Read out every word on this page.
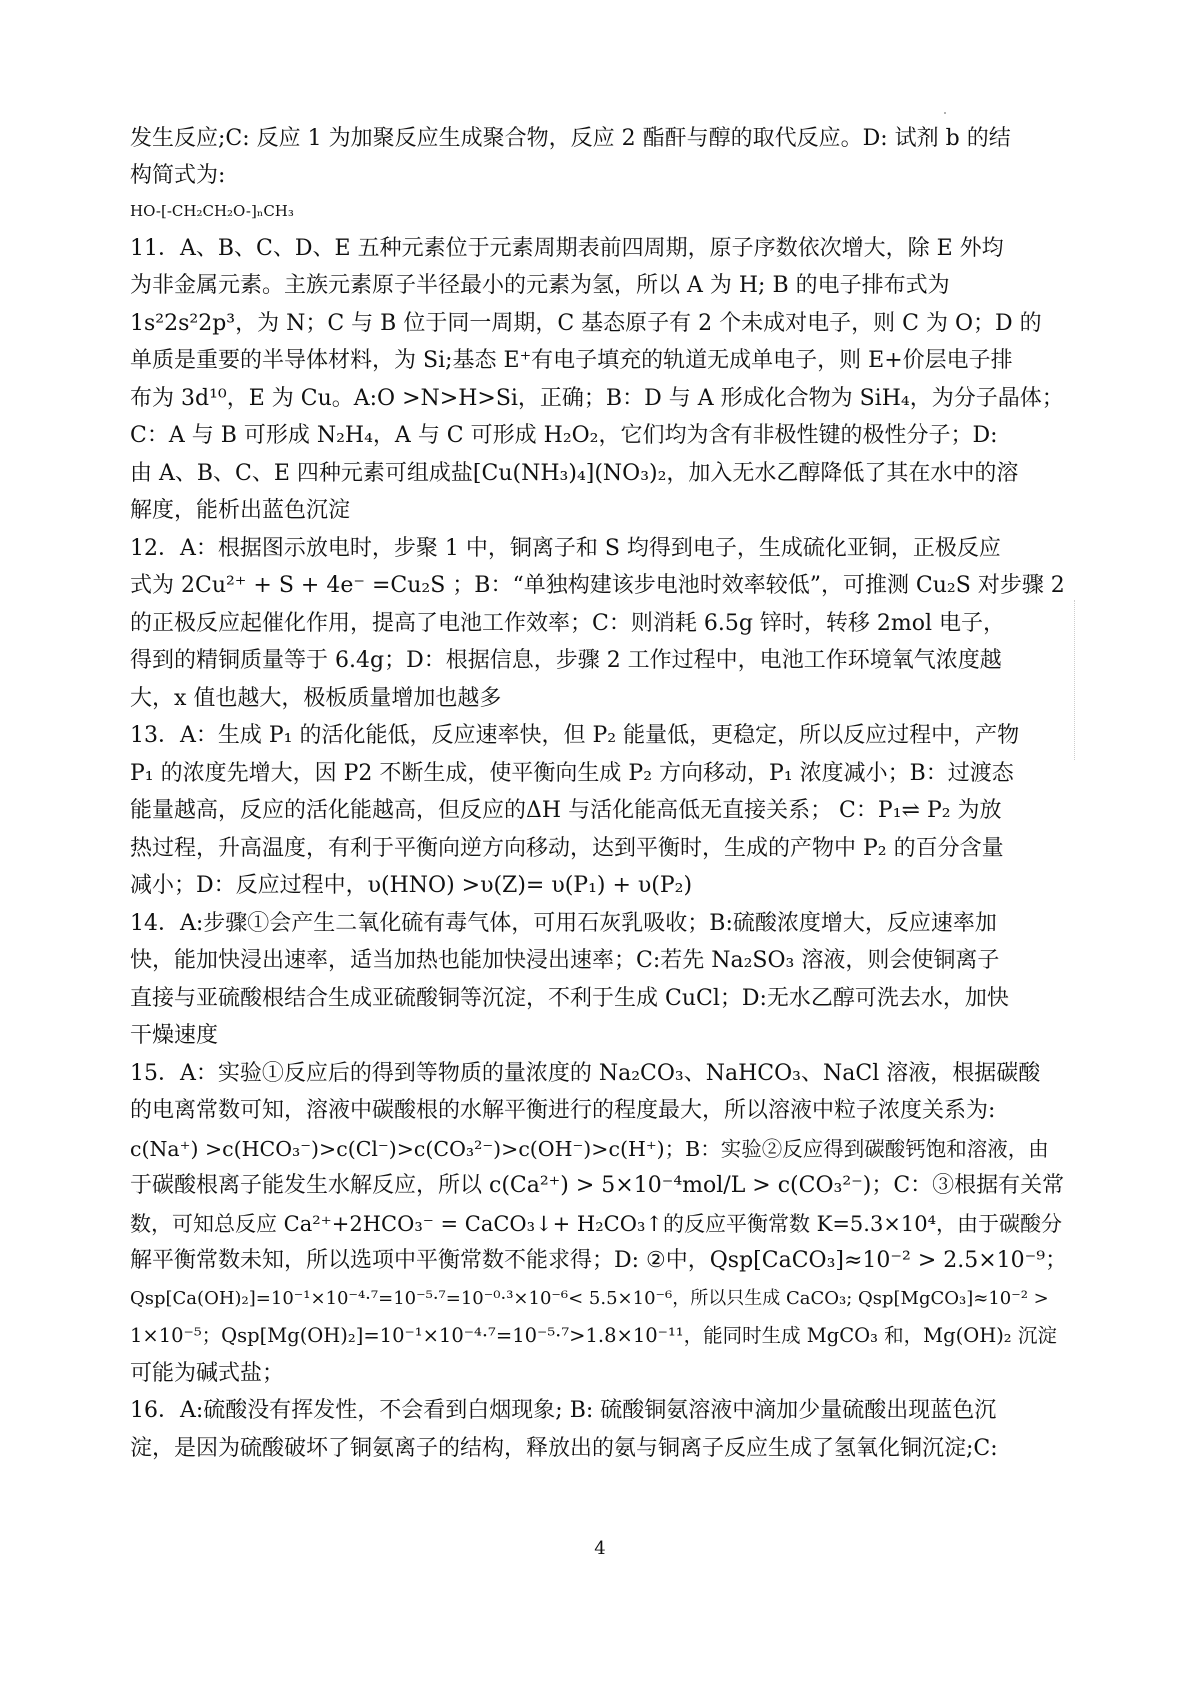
发生反应;C: 反应 1 为加聚反应生成聚合物，反应 2 酯酐与醇的取代反应。D: 试剂 b 的结
构简式为:
HO-[-CH₂CH₂O-]ₙCH₃
11．A、B、C、D、E 五种元素位于元素周期表前四周期，原子序数依次增大，除 E 外均
为非金属元素。主族元素原子半径最小的元素为氢，所以 A 为 H; B 的电子排布式为
1s²2s²2p³，为 N；C 与 B 位于同一周期，C 基态原子有 2 个未成对电子，则 C 为 O；D 的
单质是重要的半导体材料，为 Si;基态 E⁺有电子填充的轨道无成单电子，则 E+价层电子排
布为 3d¹⁰，E 为 Cu。A:O >N>H>Si，正确；B：D 与 A 形成化合物为 SiH₄，为分子晶体；
C：A 与 B 可形成 N₂H₄，A 与 C 可形成 H₂O₂，它们均为含有非极性键的极性分子；D:
由 A、B、C、E 四种元素可组成盐[Cu(NH₃)₄](NO₃)₂，加入无水乙醇降低了其在水中的溶
解度，能析出蓝色沉淀
12．A：根据图示放电时，步聚 1 中，铜离子和 S 均得到电子，生成硫化亚铜，正极反应
式为 2Cu²⁺ + S + 4e⁻ =Cu₂S ；B：“单独构建该步电池时效率较低”，可推测 Cu₂S 对步骤 2
的正极反应起催化作用，提高了电池工作效率；C：则消耗 6.5g 锌时，转移 2mol 电子，
得到的精铜质量等于 6.4g；D：根据信息，步骤 2 工作过程中，电池工作环境氧气浓度越
大，x 值也越大，极板质量增加也越多
13．A：生成 P₁ 的活化能低，反应速率快，但 P₂ 能量低，更稳定，所以反应过程中，产物
P₁ 的浓度先增大，因 P2 不断生成，使平衡向生成 P₂ 方向移动，P₁ 浓度减小；B：过渡态
能量越高，反应的活化能越高，但反应的ΔH 与活化能高低无直接关系； C：P₁⇌ P₂ 为放
热过程，升高温度，有利于平衡向逆方向移动，达到平衡时，生成的产物中 P₂ 的百分含量
减小；D：反应过程中，υ(HNO) >υ(Z)= υ(P₁) + υ(P₂)
14．A:步骤①会产生二氧化硫有毒气体，可用石灰乳吸收；B:硫酸浓度增大，反应速率加
快，能加快浸出速率，适当加热也能加快浸出速率；C:若先 Na₂SO₃ 溶液，则会使铜离子
直接与亚硫酸根结合生成亚硫酸铜等沉淀，不利于生成 CuCl；D:无水乙醇可洗去水，加快
干燥速度
15．A：实验①反应后的得到等物质的量浓度的 Na₂CO₃、NaHCO₃、NaCl 溶液，根据碳酸
的电离常数可知，溶液中碳酸根的水解平衡进行的程度最大，所以溶液中粒子浓度关系为:
c(Na⁺) >c(HCO₃⁻)>c(Cl⁻)>c(CO₃²⁻)>c(OH⁻)>c(H⁺)；B：实验②反应得到碳酸钙饱和溶液，由
于碳酸根离子能发生水解反应，所以 c(Ca²⁺) > 5×10⁻⁴mol/L > c(CO₃²⁻)；C：③根据有关常
数，可知总反应 Ca²⁺+2HCO₃⁻ = CaCO₃↓+ H₂CO₃↑的反应平衡常数 K=5.3×10⁴，由于碳酸分
解平衡常数未知，所以选项中平衡常数不能求得；D: ②中，Qsp[CaCO₃]≈10⁻² > 2.5×10⁻⁹；
Qsp[Ca(OH)₂]=10⁻¹×10⁻⁴·⁷=10⁻⁵·⁷=10⁻⁰·³×10⁻⁶< 5.5×10⁻⁶，所以只生成 CaCO₃; Qsp[MgCO₃]≈10⁻² >
1×10⁻⁵；Qsp[Mg(OH)₂]=10⁻¹×10⁻⁴·⁷=10⁻⁵·⁷>1.8×10⁻¹¹，能同时生成 MgCO₃ 和，Mg(OH)₂ 沉淀
可能为碱式盐；
16．A:硫酸没有挥发性，不会看到白烟现象; B: 硫酸铜氨溶液中滴加少量硫酸出现蓝色沉
淀，是因为硫酸破坏了铜氨离子的结构，释放出的氨与铜离子反应生成了氢氧化铜沉淀;C:
4
